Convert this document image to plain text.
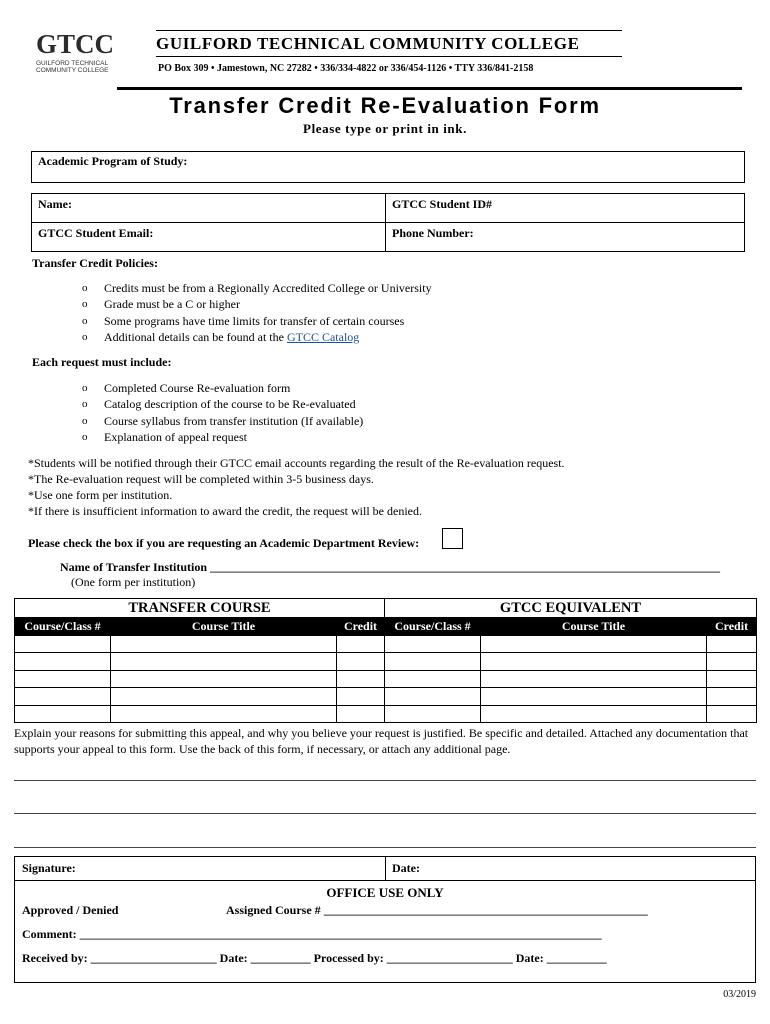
GTCC
GUILFORD TECHNICAL
COMMUNITY COLLEGE
GUILFORD TECHNICAL COMMUNITY COLLEGE
PO Box 309 • Jamestown, NC 27282 • 336/334-4822 or 336/454-1126 • TTY 336/841-2158
Transfer Credit Re-Evaluation Form
Please type or print in ink.
Academic Program of Study:
Name:	GTCC Student ID#
GTCC Student Email:	Phone Number:
Transfer Credit Policies:
o Credits must be from a Regionally Accredited College or University
o Grade must be a C or higher
o Some programs have time limits for transfer of certain courses
o Additional details can be found at the GTCC Catalog
Each request must include:
o Completed Course Re-evaluation form
o Catalog description of the course to be Re-evaluated
o Course syllabus from transfer institution (If available)
o Explanation of appeal request
*Students will be notified through their GTCC email accounts regarding the result of the Re-evaluation request.
*The Re-evaluation request will be completed within 3-5 business days.
*Use one form per institution.
*If there is insufficient information to award the credit, the request will be denied.
Please check the box if you are requesting an Academic Department Review:
Name of Transfer Institution _____________________________________________________________________________________
(One form per institution)
TRANSFER COURSE			GTCC EQUIVALENT		
Course/Class #	Course Title	Credit	Course/Class #	Course Title	Credit

Explain your reasons for submitting this appeal, and why you believe your request is justified. Be specific and detailed. Attached any documentation that supports your appeal to this form. Use the back of this form, if necessary, or attach any additional page.
Signature:	Date:
OFFICE USE ONLY
Approved / Denied	Assigned Course # ______________________________________________________
Comment: _______________________________________________________________________________________
Received by: _____________________ Date: __________ Processed by: _____________________ Date: __________
03/2019
